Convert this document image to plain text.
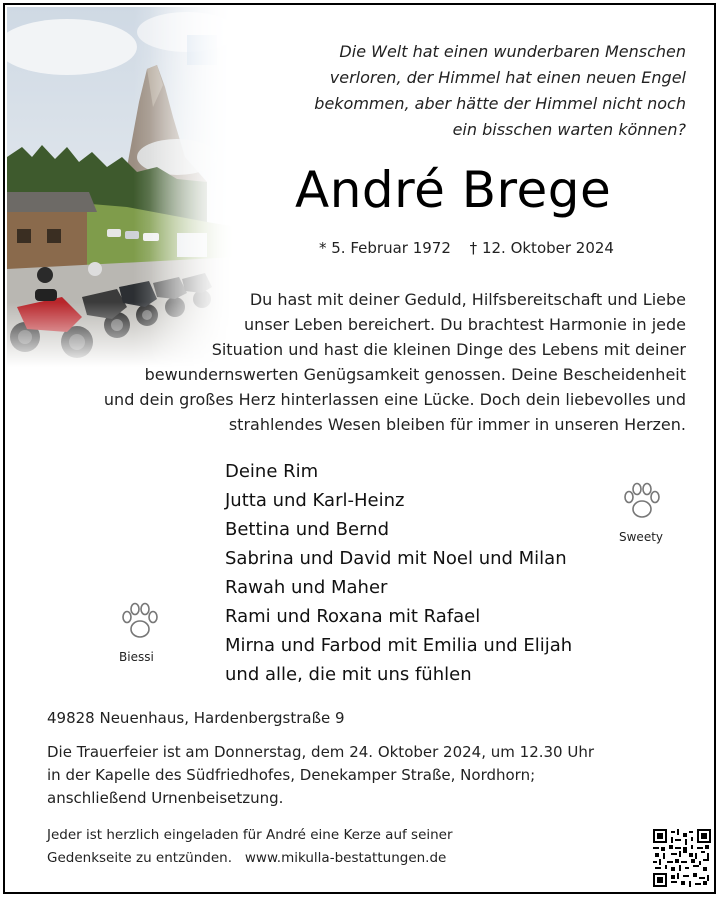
Die Welt hat einen wunderbaren Menschen
verloren, der Himmel hat einen neuen Engel
bekommen, aber hätte der Himmel nicht noch
ein bisschen warten können?
André Brege
* 5. Februar 1972 † 12. Oktober 2024
Du hast mit deiner Geduld, Hilfsbereitschaft und Liebe
unser Leben bereichert. Du brachtest Harmonie in jede
Situation und hast die kleinen Dinge des Lebens mit deiner
bewundernswerten Genügsamkeit genossen. Deine Bescheidenheit
und dein großes Herz hinterlassen eine Lücke. Doch dein liebevolles und
strahlendes Wesen bleiben für immer in unseren Herzen.
Deine Rim
Jutta und Karl-Heinz
Bettina und Bernd
Sabrina und David mit Noel und Milan
Rawah und Maher
Rami und Roxana mit Rafael
Mirna und Farbod mit Emilia und Elijah
und alle, die mit uns fühlen
Sweety
Biessi
49828 Neuenhaus, Hardenbergstraße 9
Die Trauerfeier ist am Donnerstag, dem 24. Oktober 2024, um 12.30 Uhr
in der Kapelle des Südfriedhofes, Denekamper Straße, Nordhorn;
anschließend Urnenbeisetzung.
Jeder ist herzlich eingeladen für André eine Kerze auf seiner
Gedenkseite zu entzünden. www.mikulla-bestattungen.de
